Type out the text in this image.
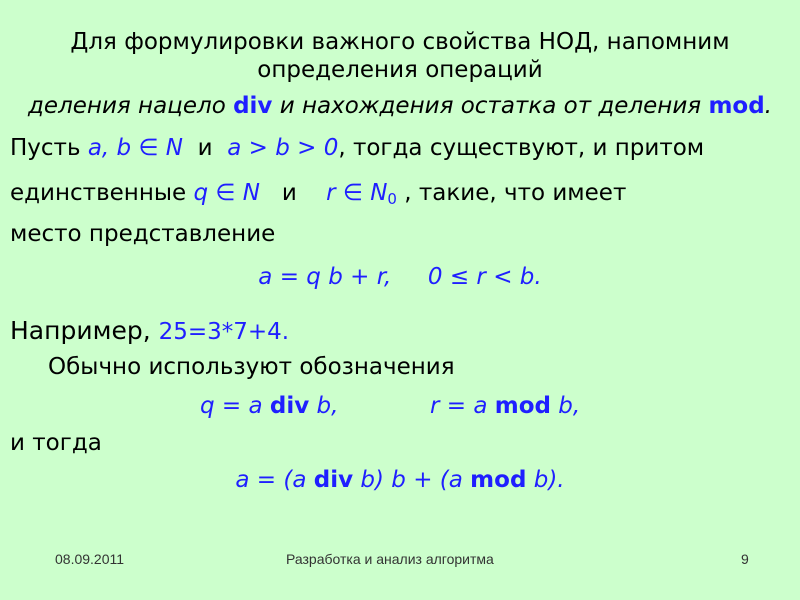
Для формулировки важного свойства НОД, напомним
определения операций
деления нацело div и нахождения остатка от деления mod.
Пусть a, b ∈ N  и  a > b > 0, тогда существуют, и притом
единственные q ∈ N   и    r ∈ $N_0$ , такие, что имеет
место представление
a = q b + r,     0 ≤ r < b.
Например, 25=3*7+4.
Обычно используют обозначения
q = a div b,	r = a mod b,
и тогда
a = (a div b) b + (a mod b).
08.09.2011	Разработка и анализ алгоритма	9
